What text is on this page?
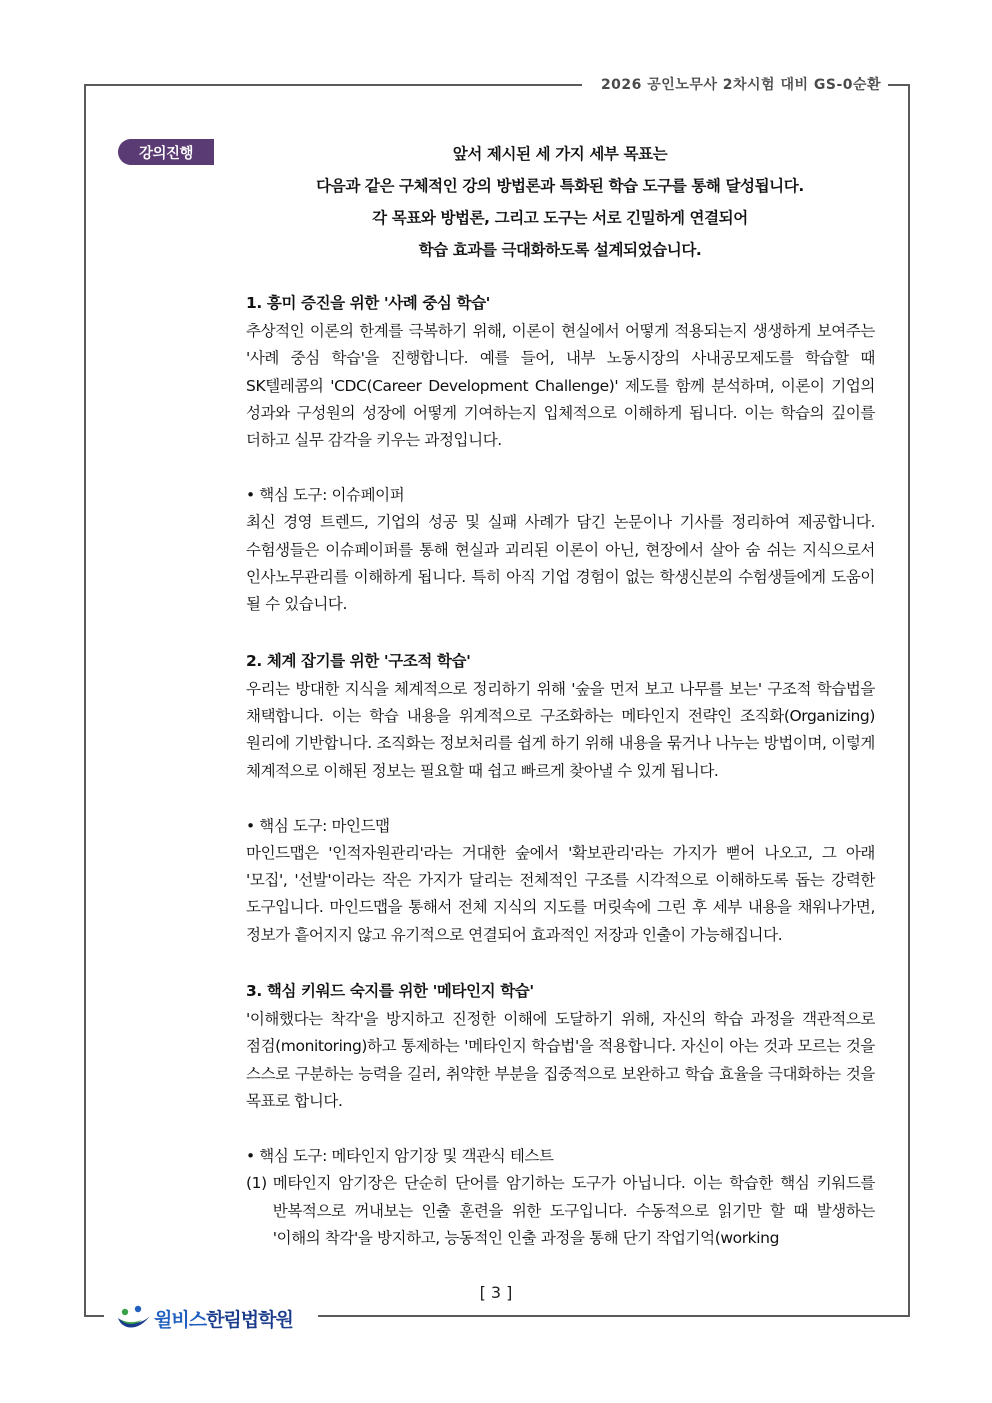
2026 공인노무사 2차시험 대비 GS-0순환
강의진행	앞서 제시된 세 가지 세부 목표는
다음과 같은 구체적인 강의 방법론과 특화된 학습 도구를 통해 달성됩니다.
각 목표와 방법론, 그리고 도구는 서로 긴밀하게 연결되어
학습 효과를 극대화하도록 설계되었습니다.
1. 흥미 증진을 위한 '사례 중심 학습'
추상적인 이론의 한계를 극복하기 위해, 이론이 현실에서 어떻게 적용되는지 생생하게 보여주는 '사례 중심 학습'을 진행합니다. 예를 들어, 내부 노동시장의 사내공모제도를 학습할 때 SK텔레콤의 'CDC(Career Development Challenge)' 제도를 함께 분석하며, 이론이 기업의 성과와 구성원의 성장에 어떻게 기여하는지 입체적으로 이해하게 됩니다. 이는 학습의 깊이를 더하고 실무 감각을 키우는 과정입니다.
• 핵심 도구: 이슈페이퍼
최신 경영 트렌드, 기업의 성공 및 실패 사례가 담긴 논문이나 기사를 정리하여 제공합니다. 수험생들은 이슈페이퍼를 통해 현실과 괴리된 이론이 아닌, 현장에서 살아 숨 쉬는 지식으로서 인사노무관리를 이해하게 됩니다. 특히 아직 기업 경험이 없는 학생신분의 수험생들에게 도움이 될 수 있습니다.
2. 체계 잡기를 위한 '구조적 학습'
우리는 방대한 지식을 체계적으로 정리하기 위해 '숲을 먼저 보고 나무를 보는' 구조적 학습법을 채택합니다. 이는 학습 내용을 위계적으로 구조화하는 메타인지 전략인 조직화(Organizing) 원리에 기반합니다. 조직화는 정보처리를 쉽게 하기 위해 내용을 묶거나 나누는 방법이며, 이렇게 체계적으로 이해된 정보는 필요할 때 쉽고 빠르게 찾아낼 수 있게 됩니다.
• 핵심 도구: 마인드맵
마인드맵은 '인적자원관리'라는 거대한 숲에서 '확보관리'라는 가지가 뻗어 나오고, 그 아래 '모집', '선발'이라는 작은 가지가 달리는 전체적인 구조를 시각적으로 이해하도록 돕는 강력한 도구입니다. 마인드맵을 통해서 전체 지식의 지도를 머릿속에 그린 후 세부 내용을 채워나가면, 정보가 흩어지지 않고 유기적으로 연결되어 효과적인 저장과 인출이 가능해집니다.
3. 핵심 키워드 숙지를 위한 '메타인지 학습'
'이해했다는 착각'을 방지하고 진정한 이해에 도달하기 위해, 자신의 학습 과정을 객관적으로 점검(monitoring)하고 통제하는 '메타인지 학습법'을 적용합니다. 자신이 아는 것과 모르는 것을 스스로 구분하는 능력을 길러, 취약한 부분을 집중적으로 보완하고 학습 효율을 극대화하는 것을 목표로 합니다.
• 핵심 도구: 메타인지 암기장 및 객관식 테스트
(1) 메타인지 암기장은 단순히 단어를 암기하는 도구가 아닙니다. 이는 학습한 핵심 키워드를 반복적으로 꺼내보는 인출 훈련을 위한 도구입니다. 수동적으로 읽기만 할 때 발생하는 '이해의 착각'을 방지하고, 능동적인 인출 과정을 통해 단기 작업기억(working
[ 3 ]
윌비스한림법학원
